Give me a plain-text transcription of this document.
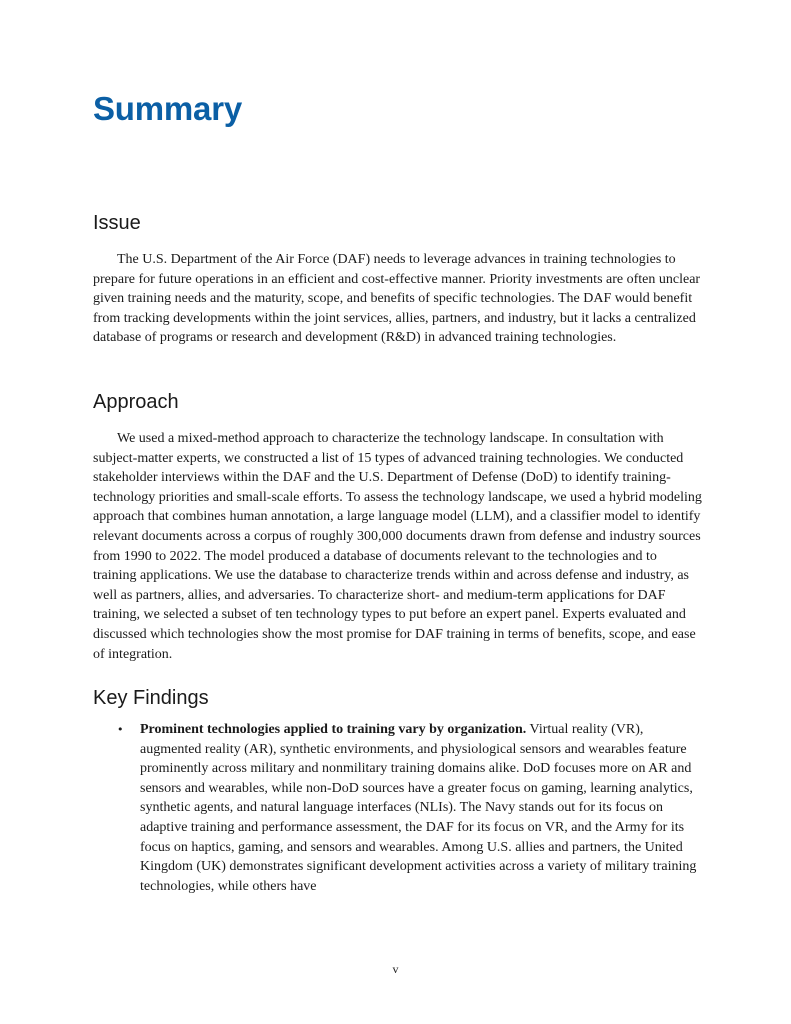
Summary
Issue

The U.S. Department of the Air Force (DAF) needs to leverage advances in training technologies to prepare for future operations in an efficient and cost-effective manner. Priority investments are often unclear given training needs and the maturity, scope, and benefits of specific technologies. The DAF would benefit from tracking developments within the joint services, allies, partners, and industry, but it lacks a centralized database of programs or research and development (R&D) in advanced training technologies.

Approach

We used a mixed-method approach to characterize the technology landscape. In consultation with subject-matter experts, we constructed a list of 15 types of advanced training technologies. We conducted stakeholder interviews within the DAF and the U.S. Department of Defense (DoD) to identify training-technology priorities and small-scale efforts. To assess the technology landscape, we used a hybrid modeling approach that combines human annotation, a large language model (LLM), and a classifier model to identify relevant documents across a corpus of roughly 300,000 documents drawn from defense and industry sources from 1990 to 2022. The model produced a database of documents relevant to the technologies and to training applications. We use the database to characterize trends within and across defense and industry, as well as partners, allies, and adversaries. To characterize short- and medium-term applications for DAF training, we selected a subset of ten technology types to put before an expert panel. Experts evaluated and discussed which technologies show the most promise for DAF training in terms of benefits, scope, and ease of integration.

Key Findings
• Prominent technologies applied to training vary by organization. Virtual reality (VR), augmented reality (AR), synthetic environments, and physiological sensors and wearables feature prominently across military and nonmilitary training domains alike. DoD focuses more on AR and sensors and wearables, while non-DoD sources have a greater focus on gaming, learning analytics, synthetic agents, and natural language interfaces (NLIs). The Navy stands out for its focus on adaptive training and performance assessment, the DAF for its focus on VR, and the Army for its focus on haptics, gaming, and sensors and wearables. Among U.S. allies and partners, the United Kingdom (UK) demonstrates significant development activities across a variety of military training technologies, while others have
v
